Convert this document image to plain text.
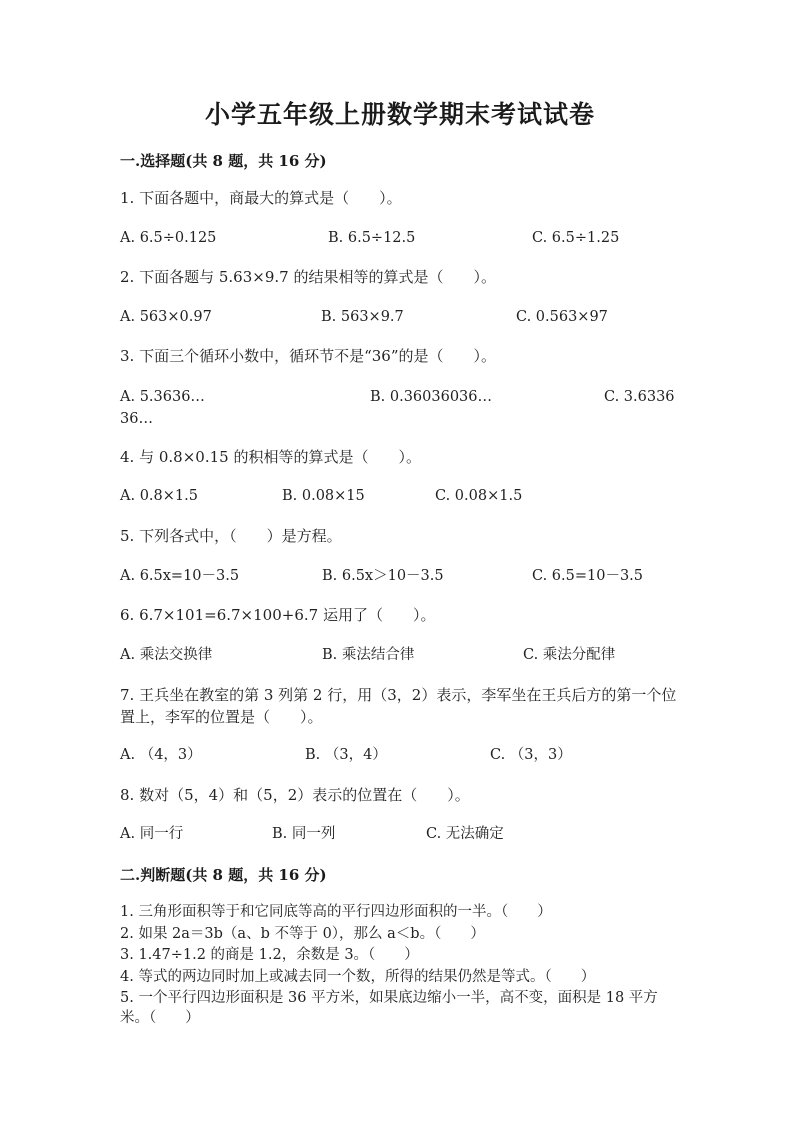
小学五年级上册数学期末考试试卷
一.选择题(共 8 题，共 16 分)
1. 下面各题中，商最大的算式是（　　）。
A. 6.5÷0.125	B. 6.5÷12.5	C. 6.5÷1.25
2. 下面各题与 5.63×9.7 的结果相等的算式是（　　）。
A. 563×0.97	B. 563×9.7	C. 0.563×97
3. 下面三个循环小数中，循环节不是“36”的是（　　）。
A. 5.3636…	B. 0.36036036…	C. 3.633636…
4. 与 0.8×0.15 的积相等的算式是（　　）。
A. 0.8×1.5	B. 0.08×15	C. 0.08×1.5
5. 下列各式中，（　　）是方程。
A. 6.5x=10－3.5	B. 6.5x＞10－3.5	C. 6.5=10－3.5
6. 6.7×101=6.7×100+6.7 运用了（　　）。
A. 乘法交换律	B. 乘法结合律	C. 乘法分配律
7. 王兵坐在教室的第 3 列第 2 行，用（3，2）表示，李军坐在王兵后方的第一个位置上，李军的位置是（　　）。
A. （4，3）	B. （3，4）	C. （3，3）
8. 数对（5，4）和（5，2）表示的位置在（　　）。
A. 同一行	B. 同一列	C. 无法确定
二.判断题(共 8 题，共 16 分)
1. 三角形面积等于和它同底等高的平行四边形面积的一半。（　　）
2. 如果 2a＝3b（a、b 不等于 0），那么 a＜b。（　　）
3. 1.47÷1.2 的商是 1.2，余数是 3。（　　）
4. 等式的两边同时加上或减去同一个数，所得的结果仍然是等式。（　　）
5. 一个平行四边形面积是 36 平方米，如果底边缩小一半，高不变，面积是 18 平方米。（　　）
